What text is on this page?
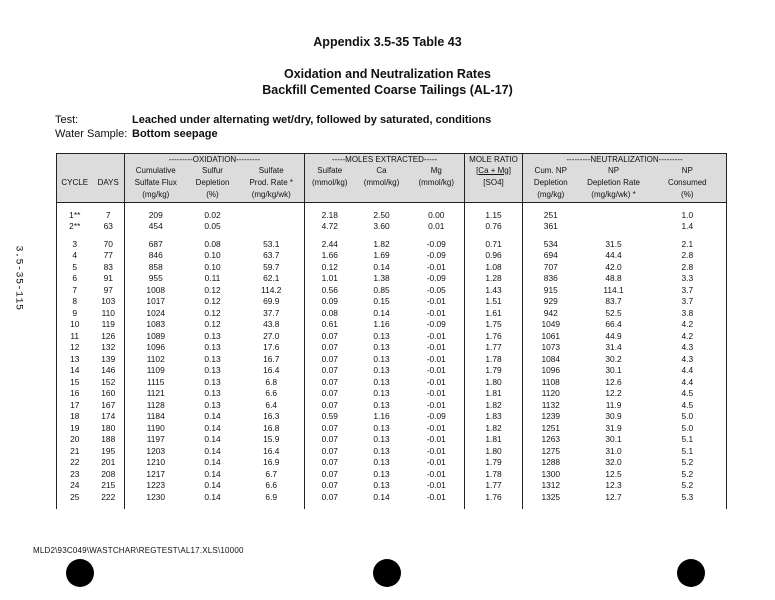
Appendix 3.5-35 Table 43
Oxidation and Neutralization Rates
Backfill Cemented Coarse Tailings (AL-17)
Test:	Leached under alternating wet/dry, followed by saturated, conditions
Water Sample: Bottom seepage
3.5-35-115
		---------OXIDATION---------			-----MOLES EXTRACTED-----			MOLE RATIO	---------NEUTRALIZATION---------		
		Cumulative	Sulfur	Sulfate	Sulfate	Ca	Mg	[Ca + Mg]	Cum. NP	NP	NP
CYCLE	DAYS	Sulfate Flux	Depletion	Prod. Rate *	(mmol/kg)	(mmol/kg)	(mmol/kg)	[SO4]	Depletion	Depletion Rate	Consumed
		(mg/kg)	(%)	(mg/kg/wk)					(mg/kg)	(mg/kg/wk) *	(%)

1**	7	209	0.02		2.18	2.50	0.00	1.15	251		1.0
2**	63	454	0.05		4.72	3.60	0.01	0.76	361		1.4

3	70	687	0.08	53.1	2.44	1.82	-0.09	0.71	534	31.5	2.1
4	77	846	0.10	63.7	1.66	1.69	-0.09	0.96	694	44.4	2.8
5	83	858	0.10	59.7	0.12	0.14	-0.01	1.08	707	42.0	2.8
6	91	955	0.11	62.1	1.01	1.38	-0.09	1.28	836	48.8	3.3
7	97	1008	0.12	114.2	0.56	0.85	-0.05	1.43	915	114.1	3.7
8	103	1017	0.12	69.9	0.09	0.15	-0.01	1.51	929	83.7	3.7
9	110	1024	0.12	37.7	0.08	0.14	-0.01	1.61	942	52.5	3.8
10	119	1083	0.12	43.8	0.61	1.16	-0.09	1.75	1049	66.4	4.2
11	126	1089	0.13	27.0	0.07	0.13	-0.01	1.76	1061	44.9	4.2
12	132	1096	0.13	17.6	0.07	0.13	-0.01	1.77	1073	31.4	4.3
13	139	1102	0.13	16.7	0.07	0.13	-0.01	1.78	1084	30.2	4.3
14	146	1109	0.13	16.4	0.07	0.13	-0.01	1.79	1096	30.1	4.4
15	152	1115	0.13	6.8	0.07	0.13	-0.01	1.80	1108	12.6	4.4
16	160	1121	0.13	6.6	0.07	0.13	-0.01	1.81	1120	12.2	4.5
17	167	1128	0.13	6.4	0.07	0.13	-0.01	1.82	1132	11.9	4.5
18	174	1184	0.14	16.3	0.59	1.16	-0.09	1.83	1239	30.9	5.0
19	180	1190	0.14	16.8	0.07	0.13	-0.01	1.82	1251	31.9	5.0
20	188	1197	0.14	15.9	0.07	0.13	-0.01	1.81	1263	30.1	5.1
21	195	1203	0.14	16.4	0.07	0.13	-0.01	1.80	1275	31.0	5.1
22	201	1210	0.14	16.9	0.07	0.13	-0.01	1.79	1288	32.0	5.2
23	208	1217	0.14	6.7	0.07	0.13	-0.01	1.78	1300	12.5	5.2
24	215	1223	0.14	6.6	0.07	0.13	-0.01	1.77	1312	12.3	5.2
25	222	1230	0.14	6.9	0.07	0.14	-0.01	1.76	1325	12.7	5.3

MLD2\93C049\WASTCHAR\REGTEST\AL17.XLS\10000
